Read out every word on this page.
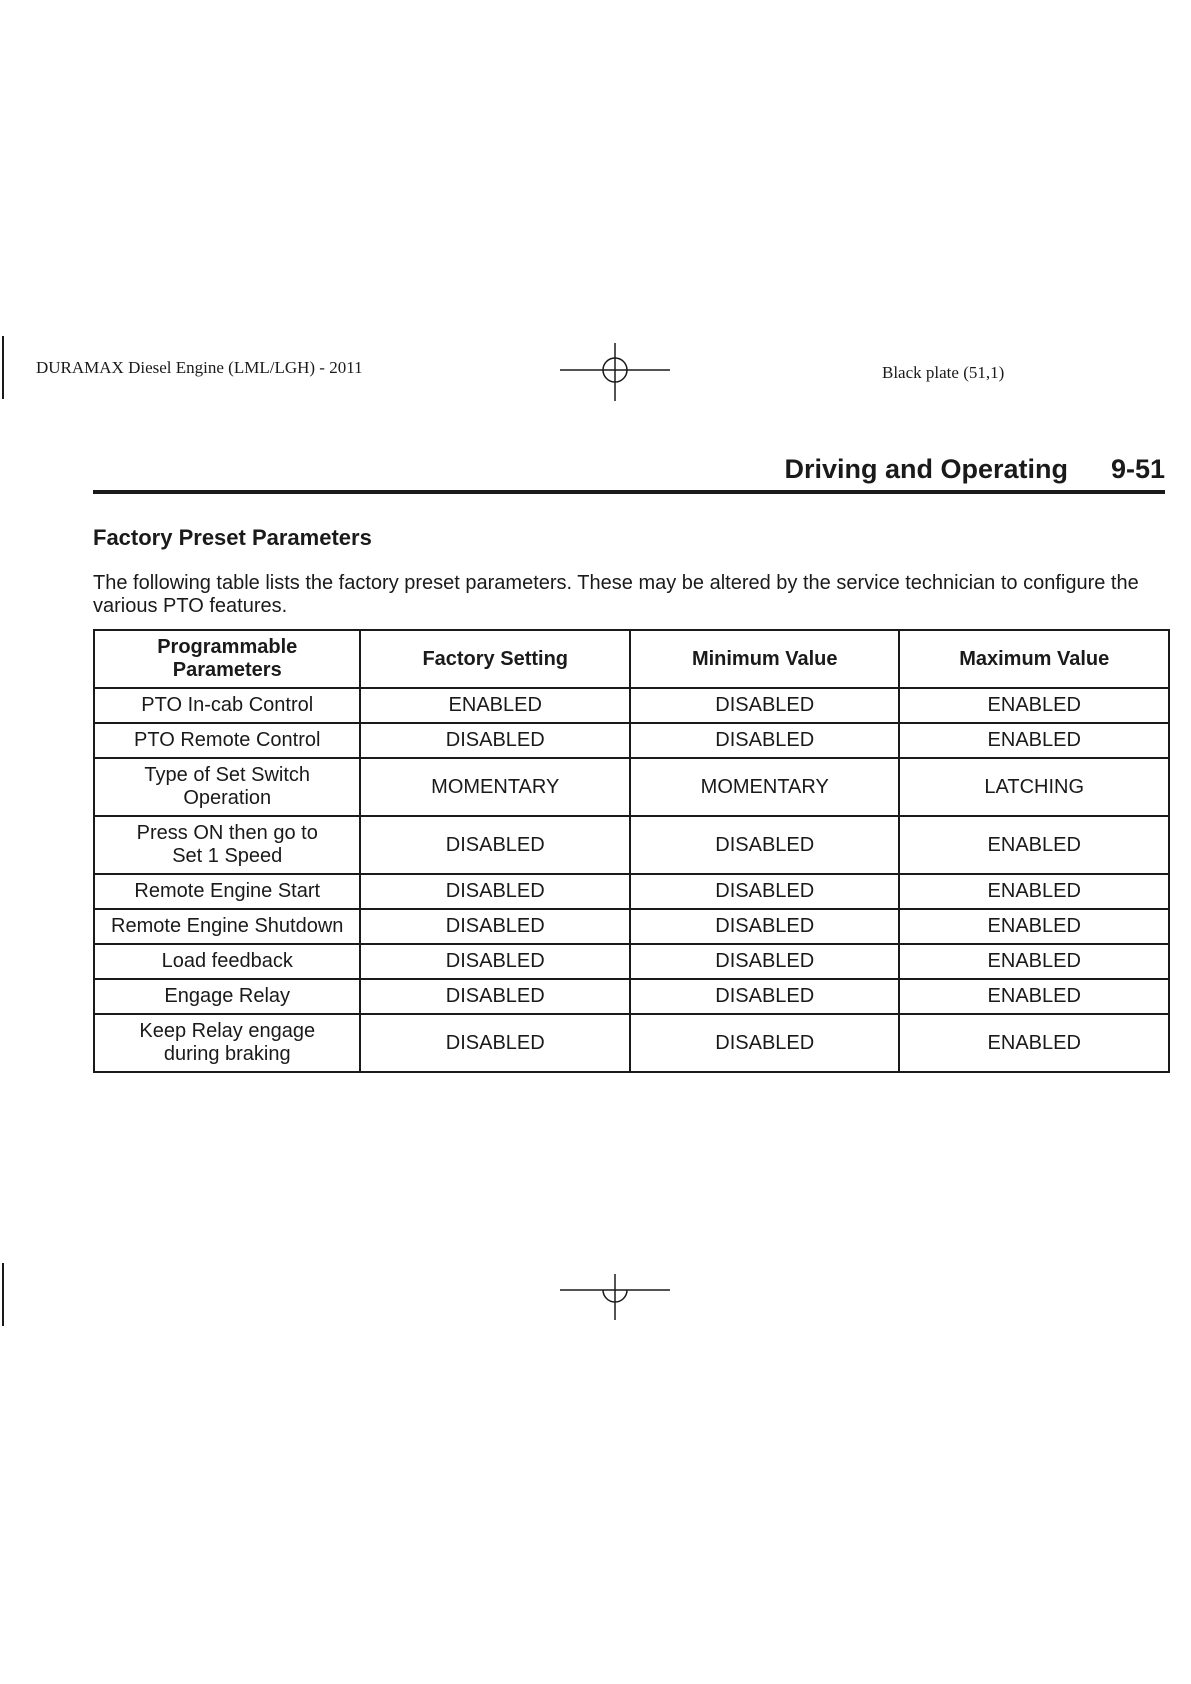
DURAMAX Diesel Engine (LML/LGH) - 2011	Black plate (51,1)
Driving and Operating 9-51
Factory Preset Parameters

The following table lists the factory preset parameters. These may be altered by the service technician to configure the various PTO features.

Programmable
Parameters	Factory Setting	Minimum Value	Maximum Value
PTO In-cab Control	ENABLED	DISABLED	ENABLED
PTO Remote Control	DISABLED	DISABLED	ENABLED
Type of Set Switch
Operation	MOMENTARY	MOMENTARY	LATCHING
Press ON then go to
Set 1 Speed	DISABLED	DISABLED	ENABLED
Remote Engine Start	DISABLED	DISABLED	ENABLED
Remote Engine Shutdown	DISABLED	DISABLED	ENABLED
Load feedback	DISABLED	DISABLED	ENABLED
Engage Relay	DISABLED	DISABLED	ENABLED
Keep Relay engage
during braking	DISABLED	DISABLED	ENABLED
